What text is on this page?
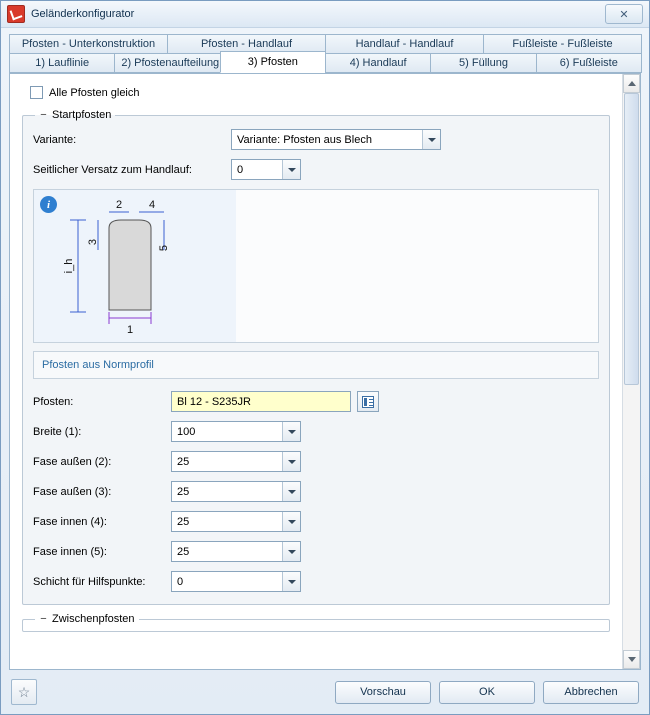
Geländerkonfigurator	✕
Pfosten - Unterkonstruktion	Pfosten - Handlauf	Handlauf - Handlauf	Fußleiste - Fußleiste
1) Lauflinie	2) Pfostenaufteilung	3) Pfosten	4) Handlauf	5) Füllung	6) Fußleiste
Alle Pfosten gleich
− Startpfosten
Variante:	Variante: Pfosten aus Blech
Seitlicher Versatz zum Handlauf:	0
2 4
3
5
1
i_h
i
Pfosten aus Normprofil
Pfosten:	Bl 12 - S235JR
Breite (1):	100
Fase außen (2):	25
Fase außen (3):	25
Fase innen (4):	25
Fase innen (5):	25
Schicht für Hilfspunkte:	0
− Zwischenpfosten
☆	Vorschau	OK	Abbrechen
